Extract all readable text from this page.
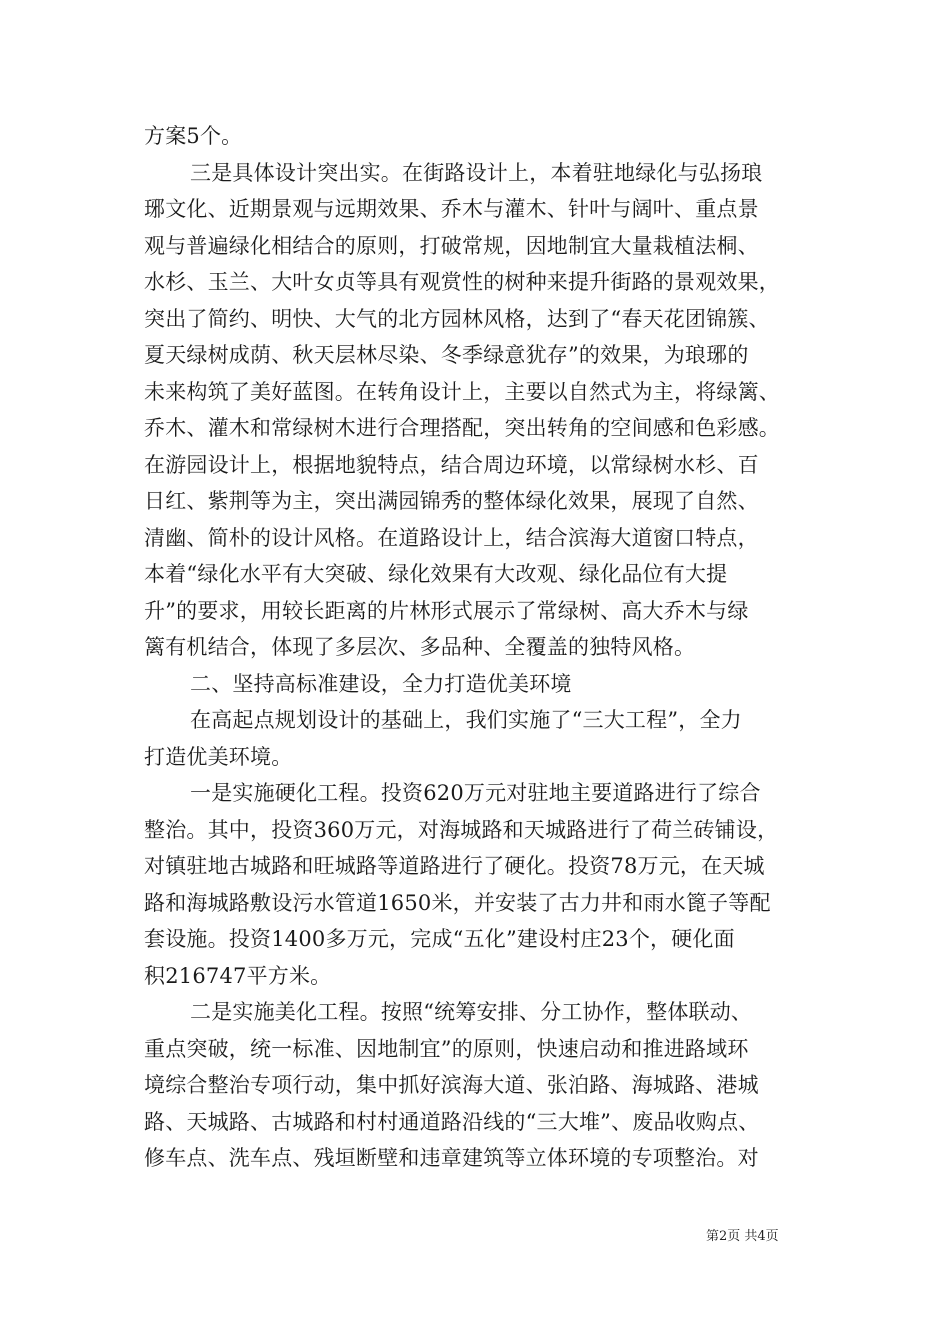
方案5个。
三是具体设计突出实。在街路设计上，本着驻地绿化与弘扬琅
琊文化、近期景观与远期效果、乔木与灌木、针叶与阔叶、重点景
观与普遍绿化相结合的原则，打破常规，因地制宜大量栽植法桐、
水杉、玉兰、大叶女贞等具有观赏性的树种来提升街路的景观效果，
突出了简约、明快、大气的北方园林风格，达到了“春天花团锦簇、
夏天绿树成荫、秋天层林尽染、冬季绿意犹存”的效果，为琅琊的
未来构筑了美好蓝图。在转角设计上，主要以自然式为主，将绿篱、
乔木、灌木和常绿树木进行合理搭配，突出转角的空间感和色彩感。
在游园设计上，根据地貌特点，结合周边环境，以常绿树水杉、百
日红、紫荆等为主，突出满园锦秀的整体绿化效果，展现了自然、
清幽、简朴的设计风格。在道路设计上，结合滨海大道窗口特点，
本着“绿化水平有大突破、绿化效果有大改观、绿化品位有大提
升”的要求，用较长距离的片林形式展示了常绿树、高大乔木与绿
篱有机结合，体现了多层次、多品种、全覆盖的独特风格。
二、坚持高标准建设，全力打造优美环境
在高起点规划设计的基础上，我们实施了“三大工程”，全力
打造优美环境。
一是实施硬化工程。投资620万元对驻地主要道路进行了综合
整治。其中，投资360万元，对海城路和天城路进行了荷兰砖铺设，
对镇驻地古城路和旺城路等道路进行了硬化。投资78万元，在天城
路和海城路敷设污水管道1650米，并安装了古力井和雨水篦子等配
套设施。投资1400多万元，完成“五化”建设村庄23个，硬化面
积216747平方米。
二是实施美化工程。按照“统筹安排、分工协作，整体联动、
重点突破，统一标准、因地制宜”的原则，快速启动和推进路域环
境综合整治专项行动，集中抓好滨海大道、张泊路、海城路、港城
路、天城路、古城路和村村通道路沿线的“三大堆”、废品收购点、
修车点、洗车点、残垣断壁和违章建筑等立体环境的专项整治。对
第2页 共4页
